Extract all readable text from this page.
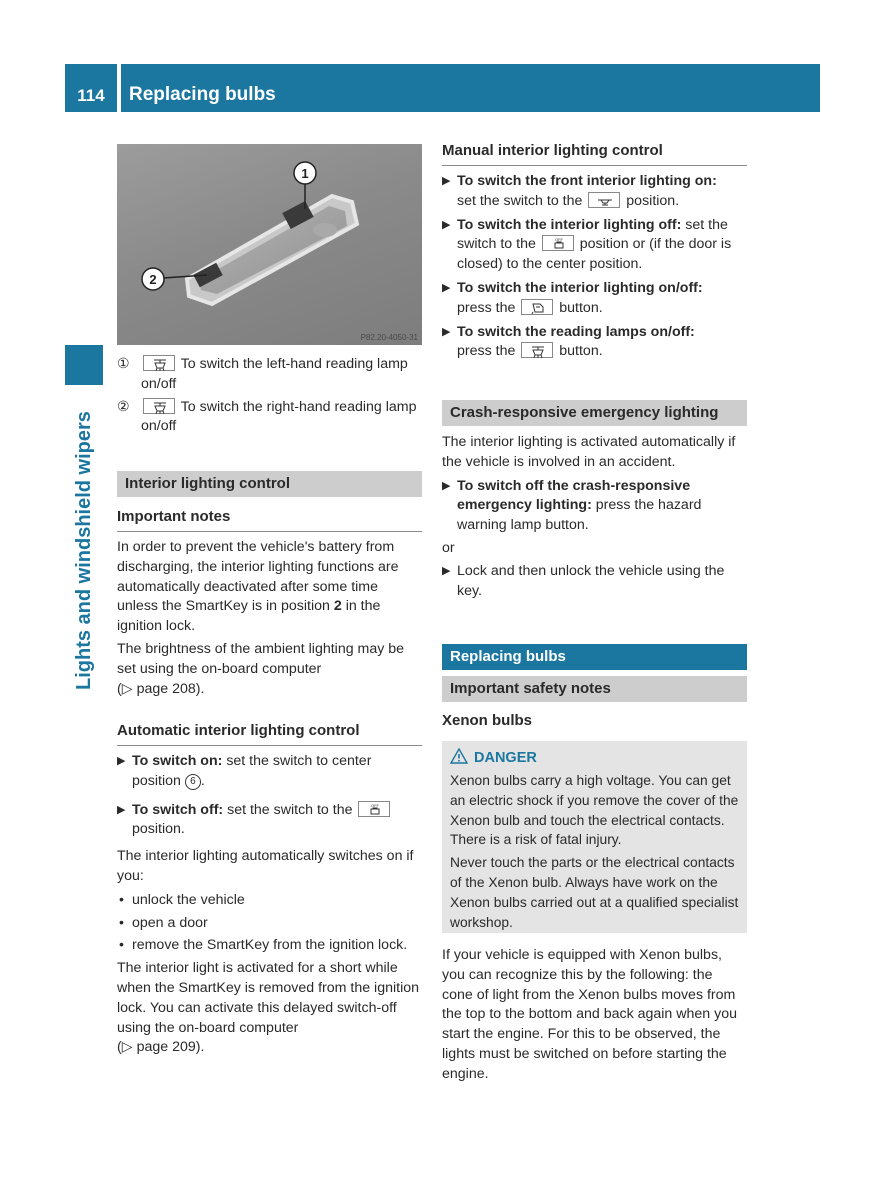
114	Replacing bulbs
Lights and windshield wipers
1
2
P82.20-4050-31
①	To switch the left-hand reading lamp on/off
②	To switch the right-hand reading lamp on/off
Interior lighting control
Important notes

In order to prevent the vehicle's battery from discharging, the interior lighting functions are automatically deactivated after some time unless the SmartKey is in position 2 in the ignition lock.

The brightness of the ambient lighting may be set using the on-board computer
(▷ page 208).

Automatic interior lighting control
▶ To switch on: set the switch to center position 6 .
▶ To switch off: set the switch to the	OFF

position.

The interior lighting automatically switches on if you:

• unlock the vehicle
• open a door
• remove the SmartKey from the ignition lock.

The interior light is activated for a short while when the SmartKey is removed from the ignition lock. You can activate this delayed switch-off using the on-board computer
(▷ page 209).

Manual interior lighting control
▶ To switch the front interior lighting on:
set the switch to the	position.
▶ To switch the interior lighting off: set the switch to the	OFF position or (if the door is closed) to the center position.
▶ To switch the interior lighting on/off:
press the	button.
▶ To switch the reading lamps on/off:
press the	button.
Crash-responsive emergency lighting

The interior lighting is activated automatically if the vehicle is involved in an accident.

▶ To switch off the crash-responsive emergency lighting: press the hazard warning lamp button.

or

▶ Lock and then unlock the vehicle using the key.
Replacing bulbs
Important safety notes
Xenon bulbs
DANGER

Xenon bulbs carry a high voltage. You can get an electric shock if you remove the cover of the Xenon bulb and touch the electrical contacts. There is a risk of fatal injury.

Never touch the parts or the electrical contacts of the Xenon bulb. Always have work on the Xenon bulbs carried out at a qualified specialist workshop.

If your vehicle is equipped with Xenon bulbs, you can recognize this by the following: the cone of light from the Xenon bulbs moves from the top to the bottom and back again when you start the engine. For this to be observed, the lights must be switched on before starting the engine.
